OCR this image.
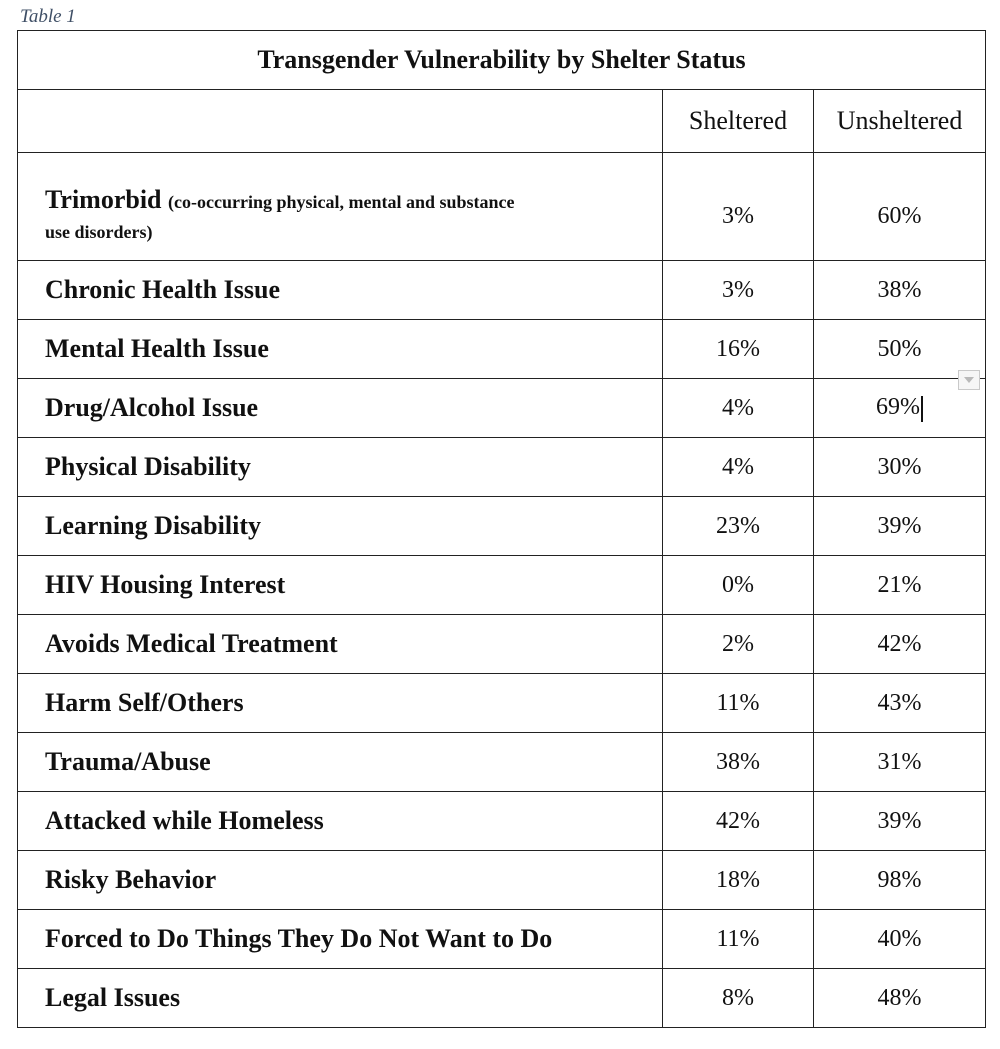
Table 1
Transgender Vulnerability by Shelter Status		
	Sheltered	Unsheltered
Trimorbid (co-occurring physical, mental and substance
use disorders)	3%	60%
Chronic Health Issue	3%	38%
Mental Health Issue	16%	50%
Drug/Alcohol Issue	4%	69%
Physical Disability	4%	30%
Learning Disability	23%	39%
HIV Housing Interest	0%	21%
Avoids Medical Treatment	2%	42%
Harm Self/Others	11%	43%
Trauma/Abuse	38%	31%
Attacked while Homeless	42%	39%
Risky Behavior	18%	98%
Forced to Do Things They Do Not Want to Do	11%	40%
Legal Issues	8%	48%
